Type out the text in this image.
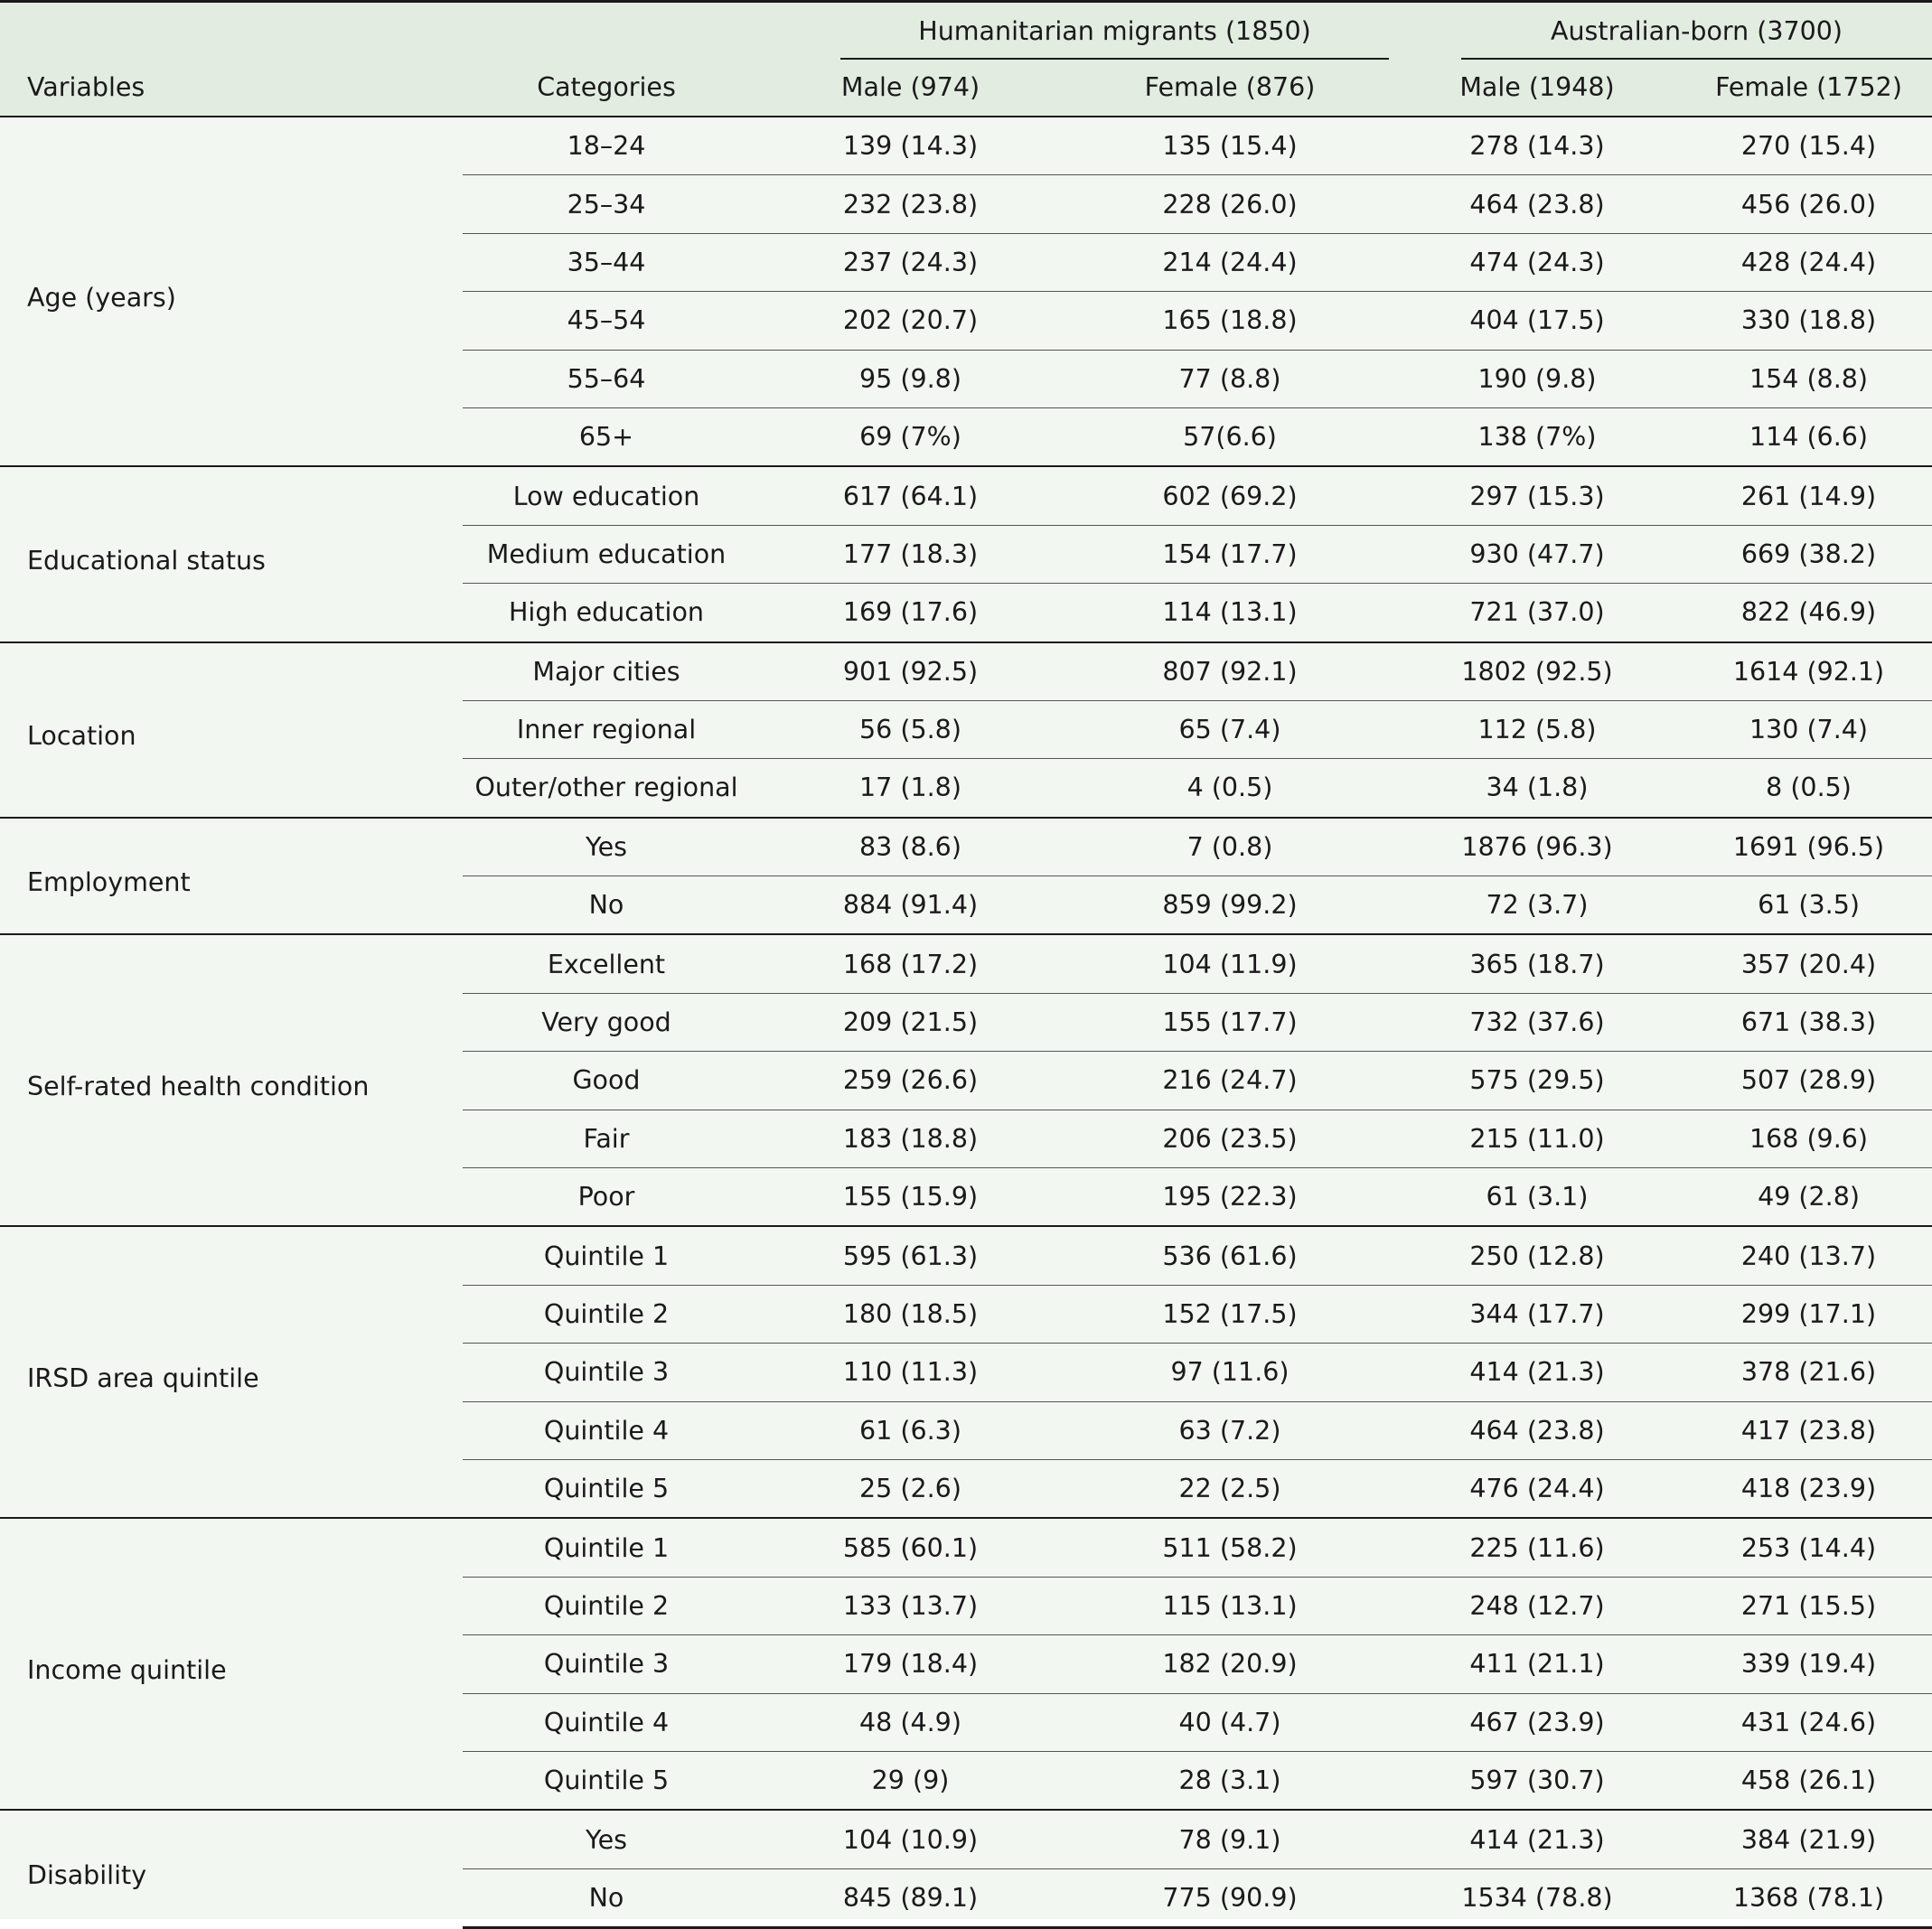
			Humanitarian migrants (1850)			Australian-born (3700)	

Variables	Categories	Male (974)		Female (876)	Male (1948)		Female (1752)

Age (years)	18–24	139 (14.3)		135 (15.4)	278 (14.3)		270 (15.4)
	25–34	232 (23.8)		228 (26.0)	464 (23.8)		456 (26.0)
	35–44	237 (24.3)		214 (24.4)	474 (24.3)		428 (24.4)
	45–54	202 (20.7)		165 (18.8)	404 (17.5)		330 (18.8)
	55–64	95 (9.8)		77 (8.8)	190 (9.8)		154 (8.8)
	65+	69 (7%)		57(6.6)	138 (7%)		114 (6.6)

Educational status	Low education	617 (64.1)		602 (69.2)	297 (15.3)		261 (14.9)
	Medium education	177 (18.3)		154 (17.7)	930 (47.7)		669 (38.2)
	High education	169 (17.6)		114 (13.1)	721 (37.0)		822 (46.9)

Location	Major cities	901 (92.5)		807 (92.1)	1802 (92.5)		1614 (92.1)
	Inner regional	56 (5.8)		65 (7.4)	112 (5.8)		130 (7.4)
	Outer/other regional	17 (1.8)		4 (0.5)	34 (1.8)		8 (0.5)

Employment	Yes	83 (8.6)		7 (0.8)	1876 (96.3)		1691 (96.5)
	No	884 (91.4)		859 (99.2)	72 (3.7)		61 (3.5)

Self-rated health condition	Excellent	168 (17.2)		104 (11.9)	365 (18.7)		357 (20.4)
	Very good	209 (21.5)		155 (17.7)	732 (37.6)		671 (38.3)
	Good	259 (26.6)		216 (24.7)	575 (29.5)		507 (28.9)
	Fair	183 (18.8)		206 (23.5)	215 (11.0)		168 (9.6)
	Poor	155 (15.9)		195 (22.3)	61 (3.1)		49 (2.8)

IRSD area quintile	Quintile 1	595 (61.3)		536 (61.6)	250 (12.8)		240 (13.7)
	Quintile 2	180 (18.5)		152 (17.5)	344 (17.7)		299 (17.1)
	Quintile 3	110 (11.3)		97 (11.6)	414 (21.3)		378 (21.6)
	Quintile 4	61 (6.3)		63 (7.2)	464 (23.8)		417 (23.8)
	Quintile 5	25 (2.6)		22 (2.5)	476 (24.4)		418 (23.9)

Income quintile	Quintile 1	585 (60.1)		511 (58.2)	225 (11.6)		253 (14.4)
	Quintile 2	133 (13.7)		115 (13.1)	248 (12.7)		271 (15.5)
	Quintile 3	179 (18.4)		182 (20.9)	411 (21.1)		339 (19.4)
	Quintile 4	48 (4.9)		40 (4.7)	467 (23.9)		431 (24.6)
	Quintile 5	29 (9)		28 (3.1)	597 (30.7)		458 (26.1)

Disability	Yes	104 (10.9)		78 (9.1)	414 (21.3)		384 (21.9)
	No	845 (89.1)		775 (90.9)	1534 (78.8)		1368 (78.1)
